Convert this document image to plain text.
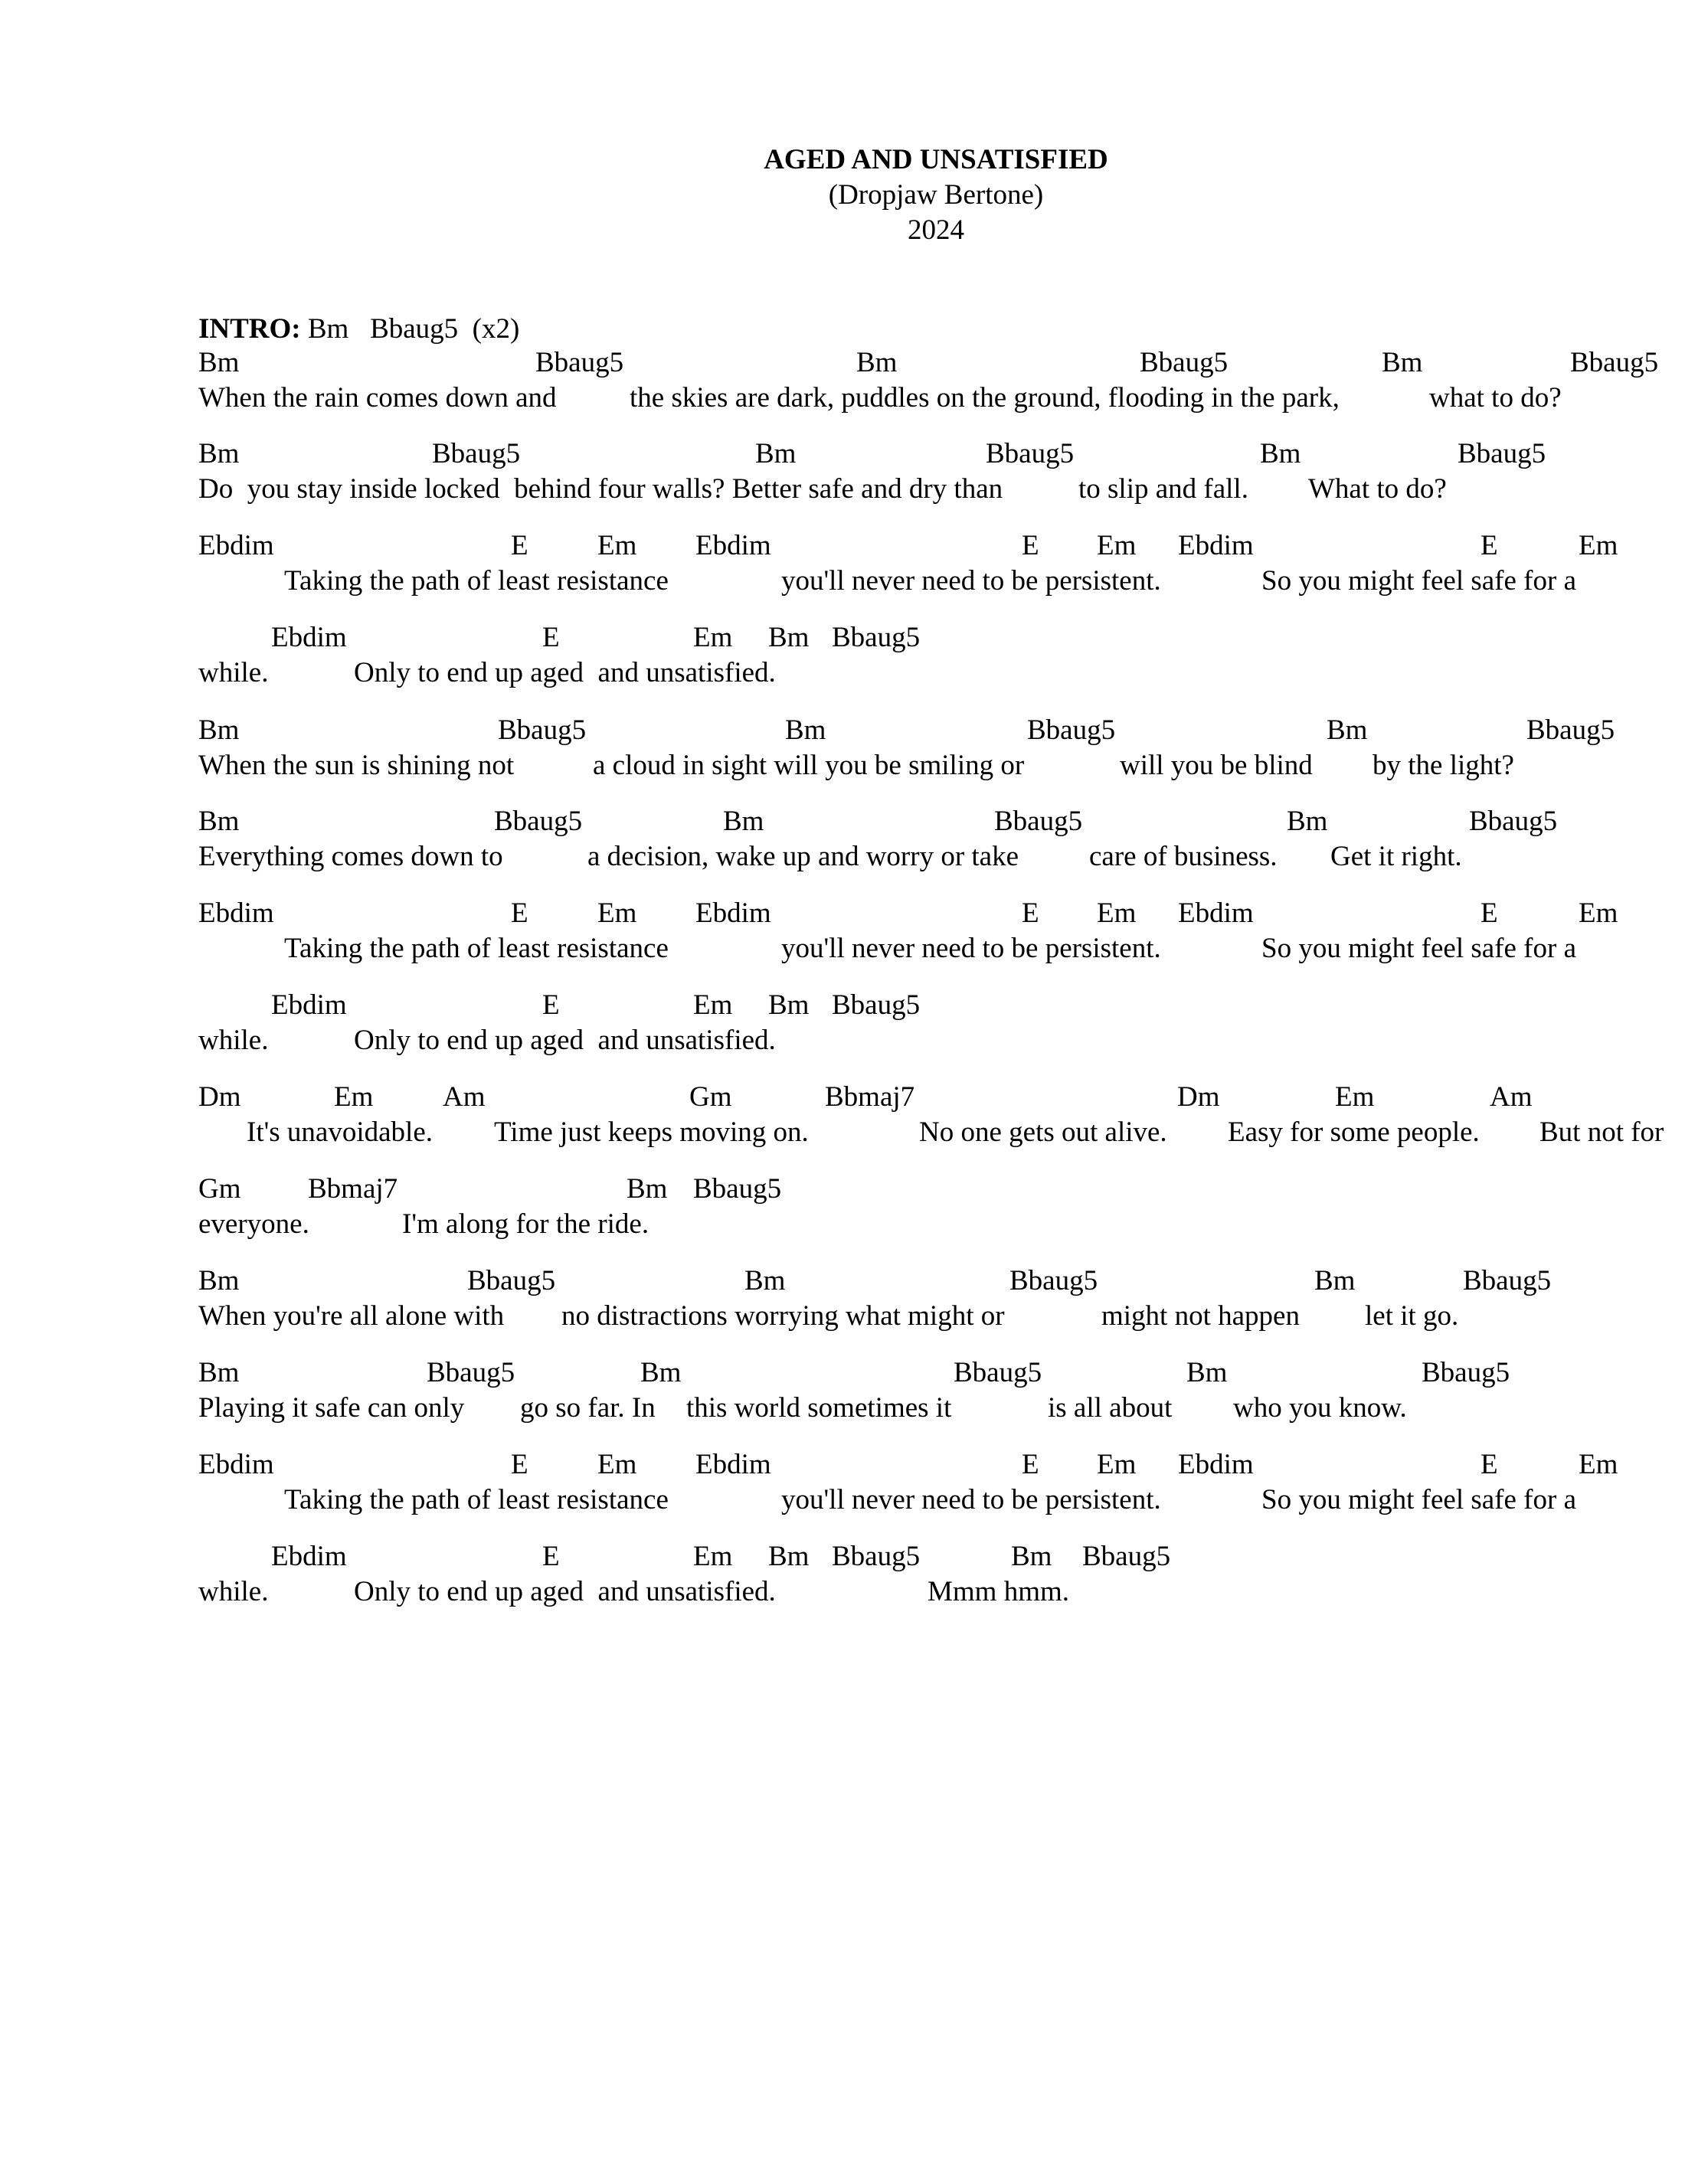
AGED AND UNSATISFIED
(Dropjaw Bertone)
2024
INTRO: Bm   Bbaug5  (x2)
Bm	Bbaug5	Bm	Bbaug5	Bm	Bbaug5
When the rain comes down and	the skies are dark, puddles on the ground, flooding in the park,	what to do?
Bm	Bbaug5	Bm	Bbaug5	Bm	Bbaug5
Do  you stay inside locked  behind four walls? Better safe and dry than	to slip and fall. What to do?
Ebdim	E Em Ebdim	E Em Ebdim	E	Em
Taking the path of least resistance	you'll never need to be persistent.	So you might feel safe for a
Ebdim	E	Em Bm Bbaug5
while.	Only to end up aged  and unsatisfied.
Bm	Bbaug5	Bm	Bbaug5	Bm	Bbaug5
When the sun is shining not	a cloud in sight will you be smiling or	will you be blind by the light?
Bm	Bbaug5	Bm	Bbaug5	Bm	Bbaug5
Everything comes down to	a decision, wake up and worry or take care of business. Get it right.
Ebdim	E Em Ebdim	E Em Ebdim	E	Em
Taking the path of least resistance	you'll never need to be persistent.	So you might feel safe for a
Ebdim	E	Em Bm Bbaug5
while.	Only to end up aged  and unsatisfied.
Dm	Em Am	Gm	Bbmaj7	Dm	Em	Am
It's unavoidable. Time just keeps moving on.	No one gets out alive. Easy for some people. But not for
Gm Bbmaj7	Bm Bbaug5
everyone.	I'm along for the ride.
Bm	Bbaug5	Bm	Bbaug5	Bm	Bbaug5
When you're all alone with no distractions worrying what might or	might not happen let it go.
Bm	Bbaug5	Bm	Bbaug5	Bm	Bbaug5
Playing it safe can only go so far. In this world sometimes it	is all about who you know.
Ebdim	E Em Ebdim	E Em Ebdim	E	Em
Taking the path of least resistance	you'll never need to be persistent.	So you might feel safe for a
Ebdim	E	Em Bm Bbaug5	Bm Bbaug5
while.	Only to end up aged  and unsatisfied.	Mmm hmm.
